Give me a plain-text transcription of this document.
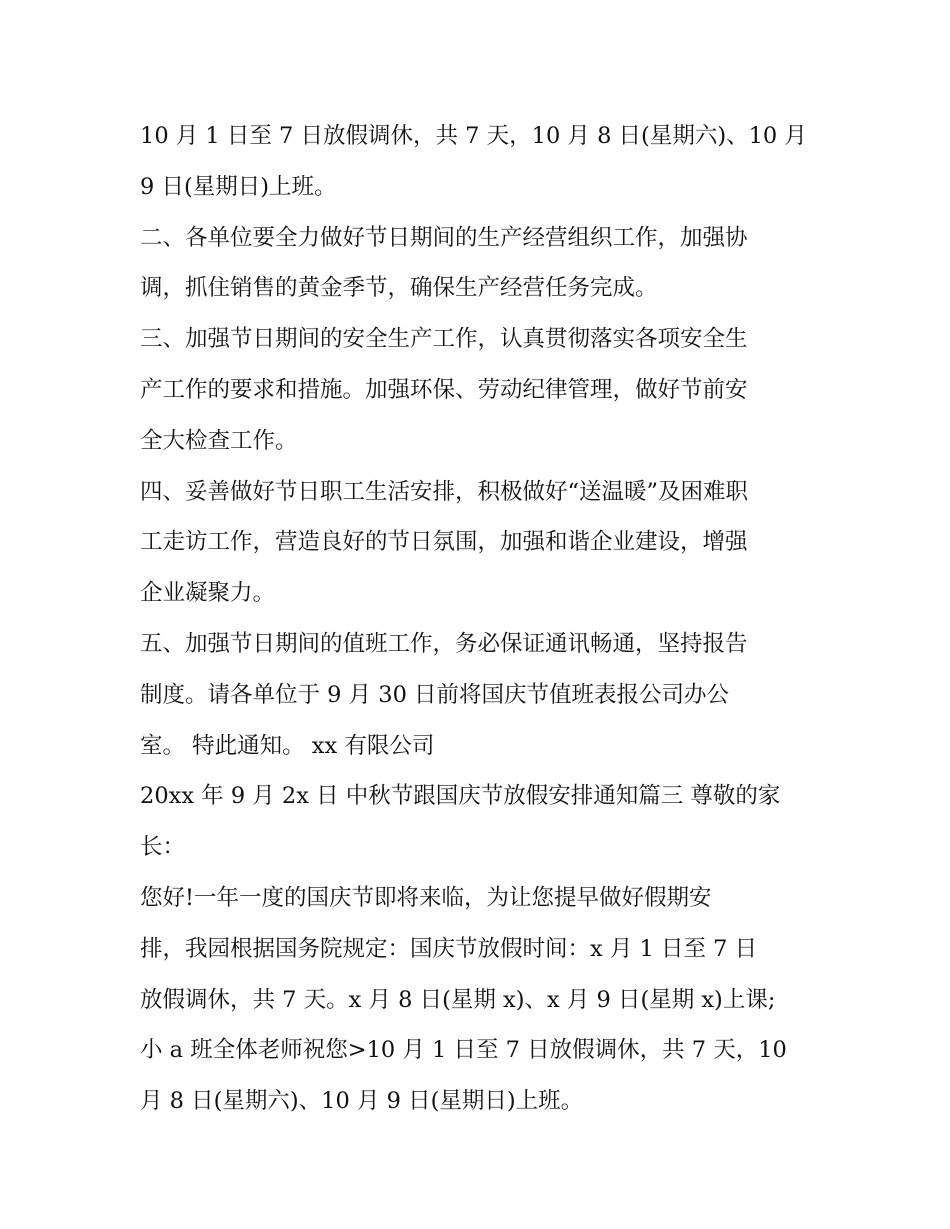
10 月 1 日至 7 日放假调休，共 7 天，10 月 8 日(星期六)、10 月
9 日(星期日)上班。
二、各单位要全力做好节日期间的生产经营组织工作，加强协
调，抓住销售的黄金季节，确保生产经营任务完成。
三、加强节日期间的安全生产工作，认真贯彻落实各项安全生
产工作的要求和措施。加强环保、劳动纪律管理，做好节前安
全大检查工作。
四、妥善做好节日职工生活安排，积极做好“送温暖”及困难职
工走访工作，营造良好的节日氛围，加强和谐企业建设，增强
企业凝聚力。
五、加强节日期间的值班工作，务必保证通讯畅通，坚持报告
制度。请各单位于 9 月 30 日前将国庆节值班表报公司办公
室。 特此通知。 xx 有限公司
20xx 年 9 月 2x 日 中秋节跟国庆节放假安排通知篇三 尊敬的家
长：
您好!一年一度的国庆节即将来临，为让您提早做好假期安
排，我园根据国务院规定：国庆节放假时间：x 月 1 日至 7 日
放假调休，共 7 天。x 月 8 日(星期 x)、x 月 9 日(星期 x)上课;
小 a 班全体老师祝您>10 月 1 日至 7 日放假调休，共 7 天，10
月 8 日(星期六)、10 月 9 日(星期日)上班。
